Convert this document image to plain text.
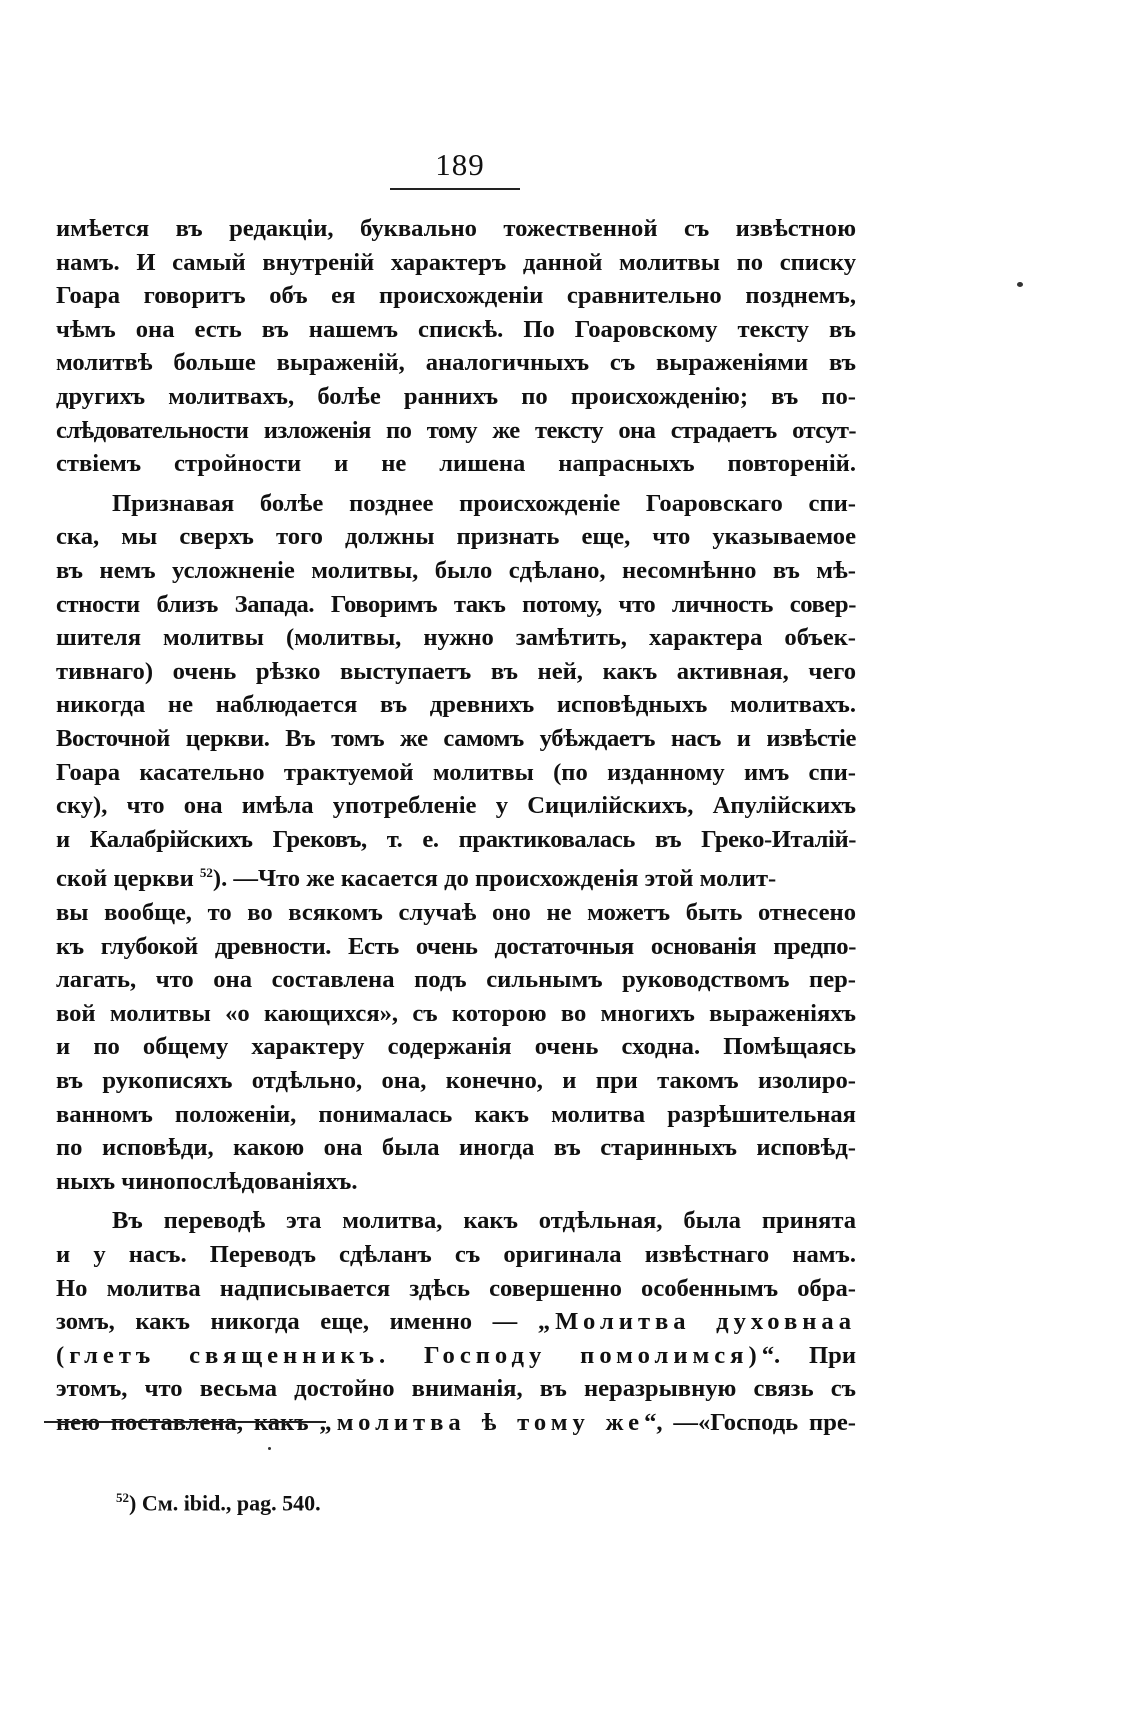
189
имѣется въ редакціи, буквально тожественной съ извѣстною
намъ. И самый внутреній характеръ данной молитвы по списку
Гоара говоритъ объ ея происхожденіи сравнительно позднемъ,
чѣмъ она есть въ нашемъ спискѣ. По Гоаровскому тексту въ
молитвѣ больше выраженій, аналогичныхъ съ выраженіями въ
другихъ молитвахъ, болѣе раннихъ по происхожденію; въ по-
слѣдовательности изложенія по тому же тексту она страдаетъ отсут-
ствіемъ стройности и не лишена напрасныхъ повтореній.
Признавая болѣе позднее происхожденіе Гоаровскаго спи-
ска, мы сверхъ того должны признать еще, что указываемое
въ немъ усложненіе молитвы, было сдѣлано, несомнѣнно въ мѣ-
стности близъ Запада. Говоримъ такъ потому, что личность совер-
шителя молитвы (молитвы, нужно замѣтить, характера объек-
тивнаго) очень рѣзко выступаетъ въ ней, какъ активная, чего
никогда не наблюдается въ древнихъ исповѣдныхъ молитвахъ.
Восточной церкви. Въ томъ же самомъ убѣждаетъ насъ и извѣстіе
Гоара касательно трактуемой молитвы (по изданному имъ спи-
ску), что она имѣла употребленіе у Сицилійскихъ, Апулійскихъ
и Калабрійскихъ Грековъ, т. е. практиковалась въ Греко-Италій-
ской церкви $^{52}$). —Что же касается до происхожденія этой молит-
вы вообще, то во всякомъ случаѣ оно не можетъ быть отнесено
къ глубокой древности. Есть очень достаточныя основанія предпо-
лагать, что она составлена подъ сильнымъ руководствомъ пер-
вой молитвы «о кающихся», съ которою во многихъ выраженіяхъ
и по общему характеру содержанія очень сходна. Помѣщаясь
въ рукописяхъ отдѣльно, она, конечно, и при такомъ изолиро-
ванномъ положеніи, понималась какъ молитва разрѣшительная
по исповѣди, какою она была иногда въ старинныхъ исповѣд-
ныхъ чинопослѣдованіяхъ.
Въ переводѣ эта молитва, какъ отдѣльная, была принята
и у насъ. Переводъ сдѣланъ съ оригинала извѣстнаго намъ.
Но молитва надписывается здѣсь совершенно особеннымъ обра-
зомъ, какъ никогда еще, именно — „Молитва духовнаа
(глетъ священникъ. Господу помолимся)“. При
этомъ, что весьма достойно вниманія, въ неразрывную связь съ
нею поставлена, какъ „молитва ѣ тому же“, —«Господь пре-
$^{52}$) См. ibid., pag. 540.
